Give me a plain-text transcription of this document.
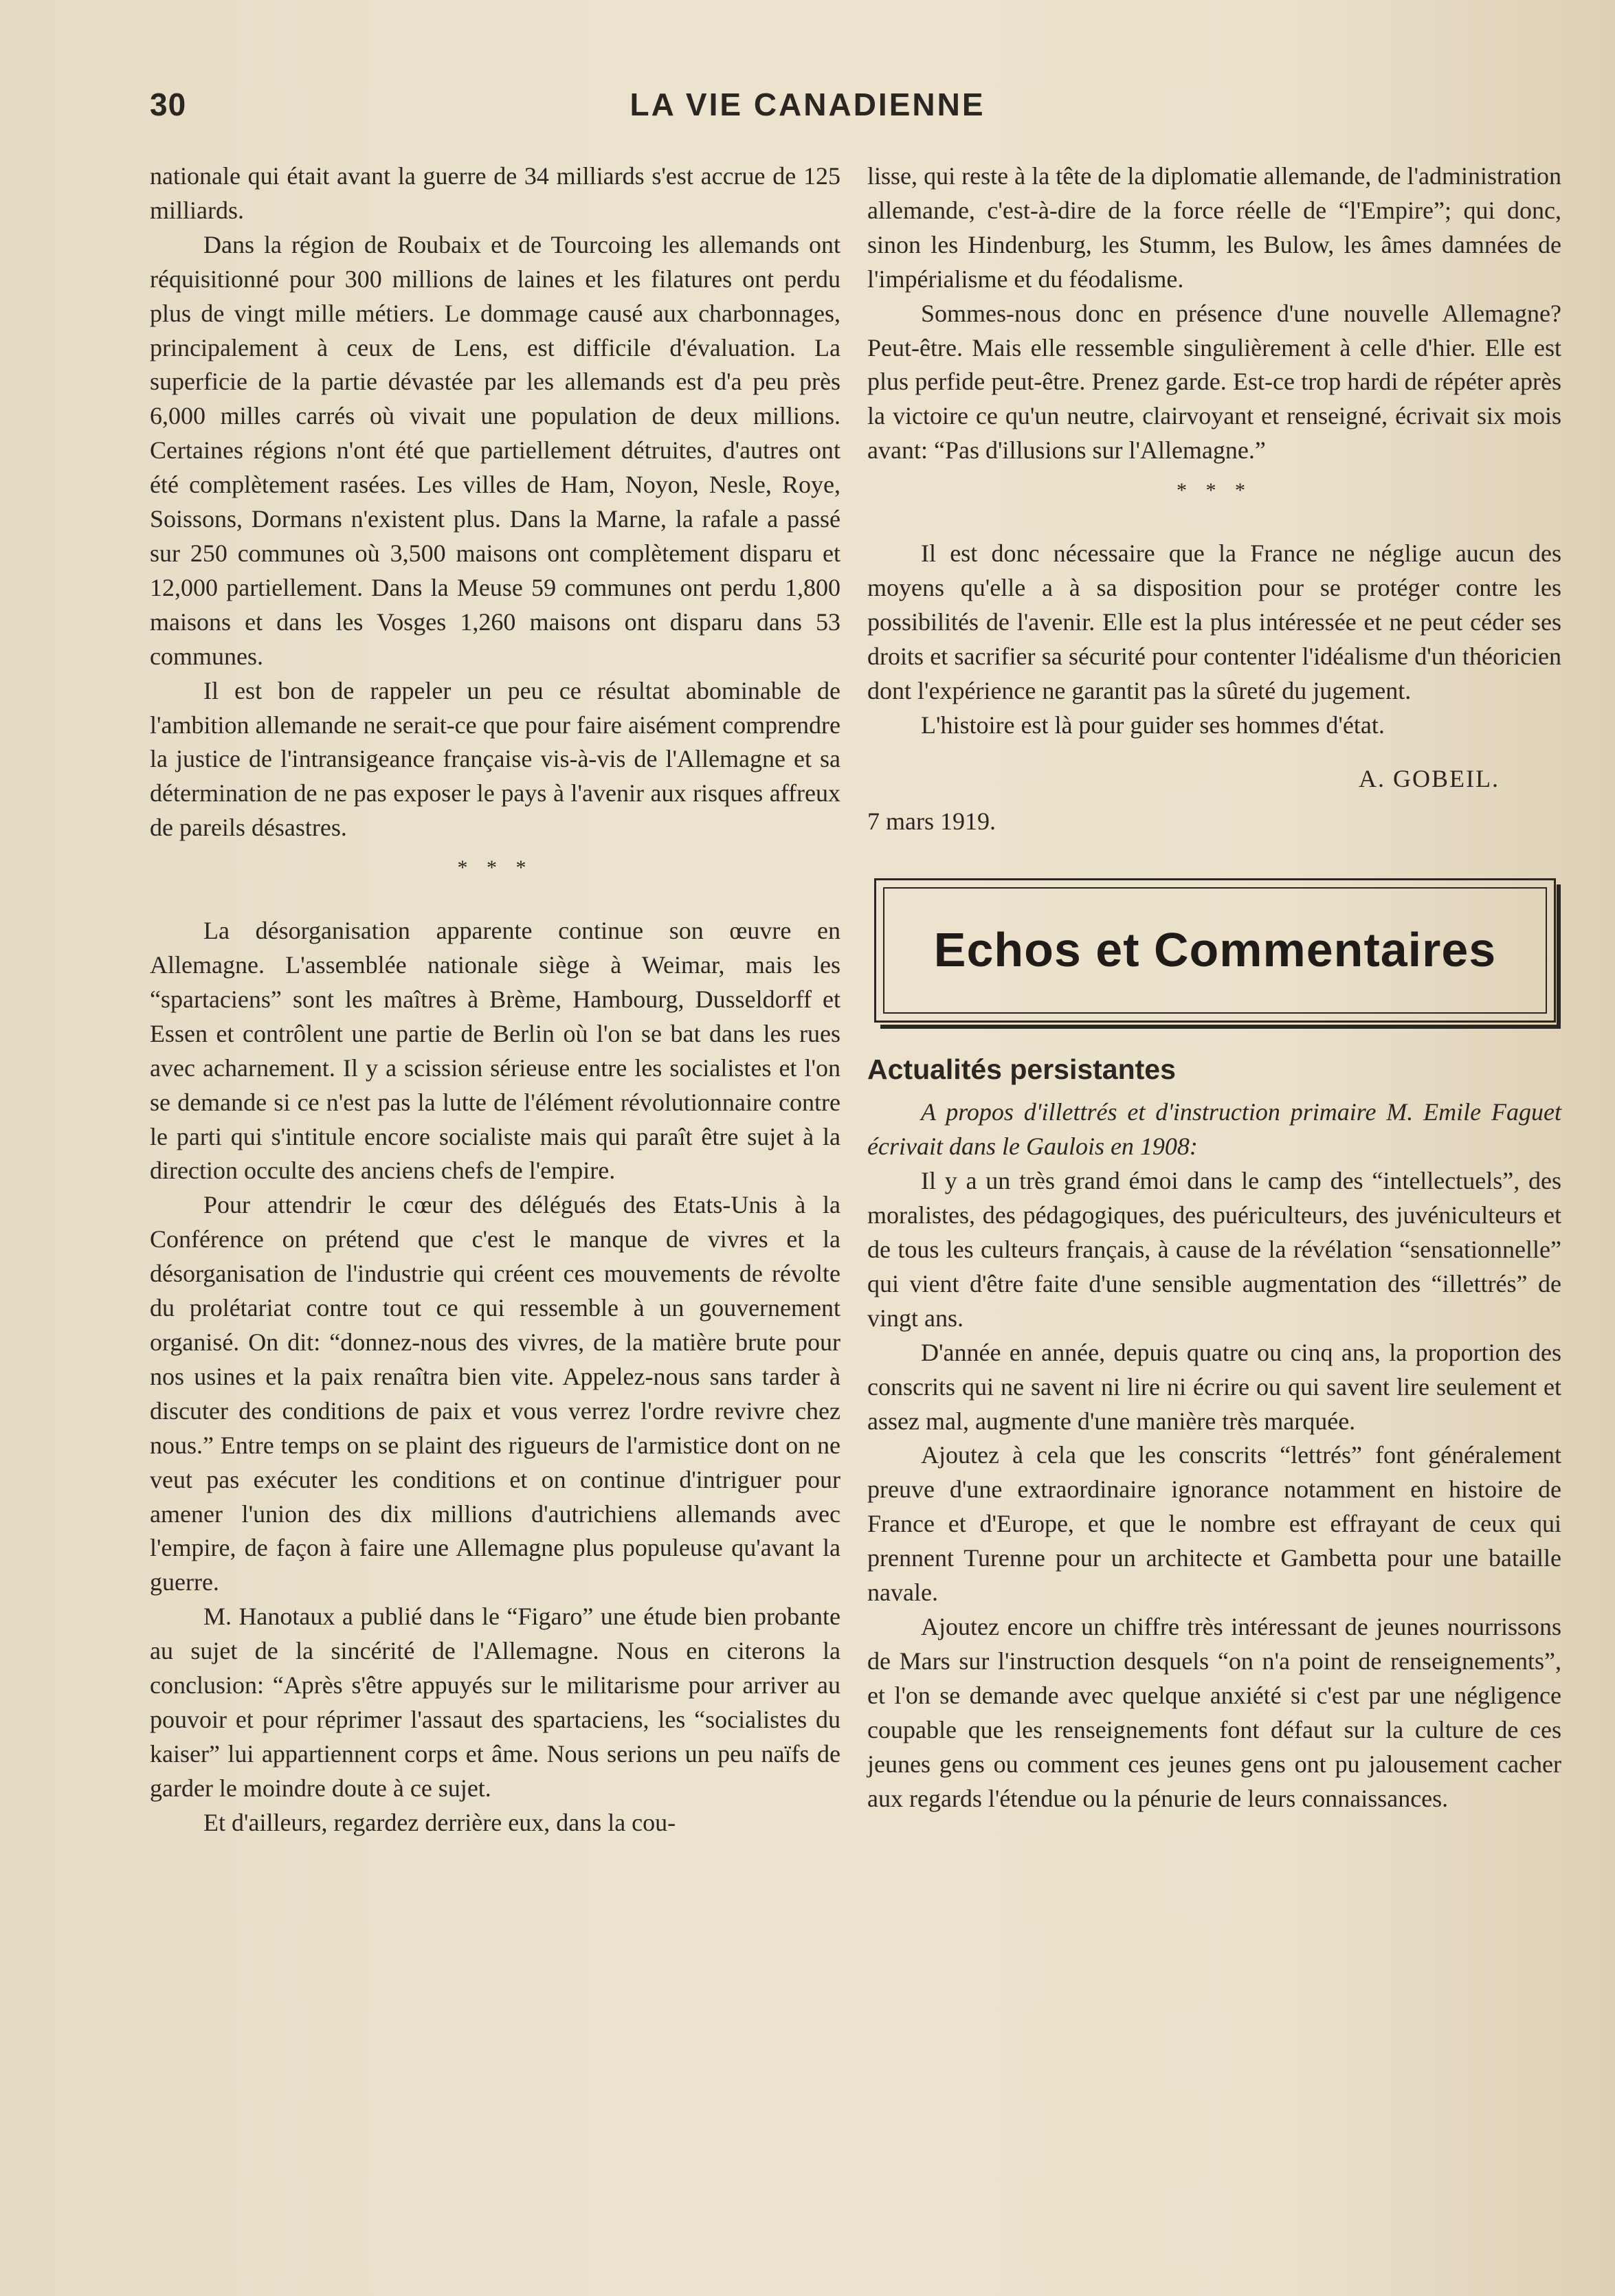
30	LA VIE CANADIENNE

nationale qui était avant la guerre de 34 milliards s'est accrue de 125 milliards.

Dans la région de Roubaix et de Tourcoing les allemands ont réquisitionné pour 300 millions de laines et les filatures ont perdu plus de vingt mille métiers. Le dommage causé aux charbonnages, principalement à ceux de Lens, est difficile d'évaluation. La superficie de la partie dévastée par les allemands est d'a peu près 6,000 milles carrés où vivait une population de deux millions. Certaines régions n'ont été que partiellement détruites, d'autres ont été complètement rasées. Les villes de Ham, Noyon, Nesle, Roye, Soissons, Dormans n'existent plus. Dans la Marne, la rafale a passé sur 250 communes où 3,500 maisons ont complètement disparu et 12,000 partiellement. Dans la Meuse 59 communes ont perdu 1,800 maisons et dans les Vosges 1,260 maisons ont disparu dans 53 communes.

Il est bon de rappeler un peu ce résultat abominable de l'ambition allemande ne serait-ce que pour faire aisément comprendre la justice de l'intransigeance française vis-à-vis de l'Allemagne et sa détermination de ne pas exposer le pays à l'avenir aux risques affreux de pareils désastres.

* * *

La désorganisation apparente continue son œuvre en Allemagne. L'assemblée nationale siège à Weimar, mais les “spartaciens” sont les maîtres à Brème, Hambourg, Dusseldorff et Essen et contrôlent une partie de Berlin où l'on se bat dans les rues avec acharnement. Il y a scission sérieuse entre les socialistes et l'on se demande si ce n'est pas la lutte de l'élément révolutionnaire contre le parti qui s'intitule encore socialiste mais qui paraît être sujet à la direction occulte des anciens chefs de l'empire.

Pour attendrir le cœur des délégués des Etats-Unis à la Conférence on prétend que c'est le manque de vivres et la désorganisation de l'industrie qui créent ces mouvements de révolte du prolétariat contre tout ce qui ressemble à un gouvernement organisé. On dit: “donnez-nous des vivres, de la matière brute pour nos usines et la paix renaîtra bien vite. Appelez-nous sans tarder à discuter des conditions de paix et vous verrez l'ordre revivre chez nous.” Entre temps on se plaint des rigueurs de l'armistice dont on ne veut pas exécuter les conditions et on continue d'intriguer pour amener l'union des dix millions d'autrichiens allemands avec l'empire, de façon à faire une Allemagne plus populeuse qu'avant la guerre.

M. Hanotaux a publié dans le “Figaro” une étude bien probante au sujet de la sincérité de l'Allemagne. Nous en citerons la conclusion: “Après s'être appuyés sur le militarisme pour arriver au pouvoir et pour réprimer l'assaut des spartaciens, les “socialistes du kaiser” lui appartiennent corps et âme. Nous serions un peu naïfs de garder le moindre doute à ce sujet.

Et d'ailleurs, regardez derrière eux, dans la cou-

lisse, qui reste à la tête de la diplomatie allemande, de l'administration allemande, c'est-à-dire de la force réelle de “l'Empire”; qui donc, sinon les Hindenburg, les Stumm, les Bulow, les âmes damnées de l'impérialisme et du féodalisme.

Sommes-nous donc en présence d'une nouvelle Allemagne? Peut-être. Mais elle ressemble singulièrement à celle d'hier. Elle est plus perfide peut-être. Prenez garde. Est-ce trop hardi de répéter après la victoire ce qu'un neutre, clairvoyant et renseigné, écrivait six mois avant: “Pas d'illusions sur l'Allemagne.”

* * *

Il est donc nécessaire que la France ne néglige aucun des moyens qu'elle a à sa disposition pour se protéger contre les possibilités de l'avenir. Elle est la plus intéressée et ne peut céder ses droits et sacrifier sa sécurité pour contenter l'idéalisme d'un théoricien dont l'expérience ne garantit pas la sûreté du jugement.

L'histoire est là pour guider ses hommes d'état.

A. GOBEIL.

7 mars 1919.

Echos et Commentaires

Actualités persistantes

A propos d'illettrés et d'instruction primaire M. Emile Faguet écrivait dans le Gaulois en 1908:

Il y a un très grand émoi dans le camp des “intellectuels”, des moralistes, des pédagogiques, des puériculteurs, des juvéniculteurs et de tous les culteurs français, à cause de la révélation “sensationnelle” qui vient d'être faite d'une sensible augmentation des “illettrés” de vingt ans.

D'année en année, depuis quatre ou cinq ans, la proportion des conscrits qui ne savent ni lire ni écrire ou qui savent lire seulement et assez mal, augmente d'une manière très marquée.

Ajoutez à cela que les conscrits “lettrés” font généralement preuve d'une extraordinaire ignorance notamment en histoire de France et d'Europe, et que le nombre est effrayant de ceux qui prennent Turenne pour un architecte et Gambetta pour une bataille navale.

Ajoutez encore un chiffre très intéressant de jeunes nourrissons de Mars sur l'instruction desquels “on n'a point de renseignements”, et l'on se demande avec quelque anxiété si c'est par une négligence coupable que les renseignements font défaut sur la culture de ces jeunes gens ou comment ces jeunes gens ont pu jalousement cacher aux regards l'étendue ou la pénurie de leurs connaissances.
